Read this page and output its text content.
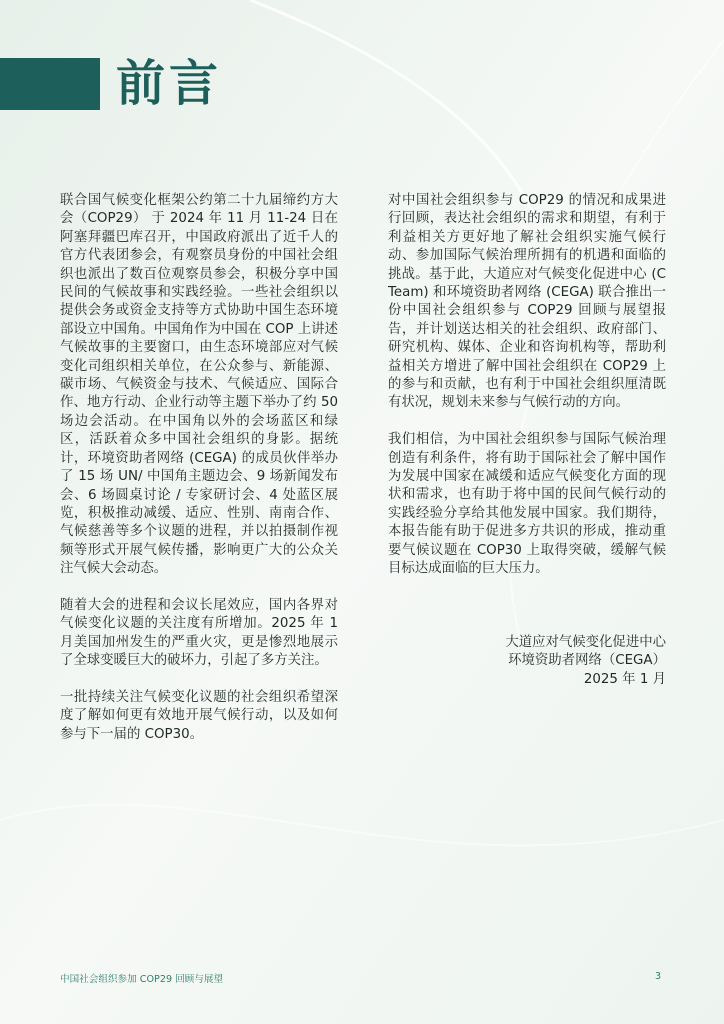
前言

联合国气候变化框架公约第二十九届缔约方大会（COP29） 于 2024 年 11 月 11-24 日在阿塞拜疆巴库召开，中国政府派出了近千人的官方代表团参会，有观察员身份的中国社会组织也派出了数百位观察员参会，积极分享中国民间的气候故事和实践经验。一些社会组织以提供会务或资金支持等方式协助中国生态环境部设立中国角。中国角作为中国在 COP 上讲述气候故事的主要窗口，由生态环境部应对气候变化司组织相关单位，在公众参与、新能源、碳市场、气候资金与技术、气候适应、国际合作、地方行动、企业行动等主题下举办了约 50 场边会活动。在中国角以外的会场蓝区和绿区，活跃着众多中国社会组织的身影。据统计，环境资助者网络 (CEGA) 的成员伙伴举办了 15 场 UN/ 中国角主题边会、9 场新闻发布会、6 场圆桌讨论 / 专家研讨会、4 处蓝区展览，积极推动减缓、适应、性别、南南合作、气候慈善等多个议题的进程，并以拍摄制作视频等形式开展气候传播，影响更广大的公众关注气候大会动态。

随着大会的进程和会议长尾效应，国内各界对气候变化议题的关注度有所增加。2025 年 1 月美国加州发生的严重火灾，更是惨烈地展示了全球变暖巨大的破坏力，引起了多方关注。

一批持续关注气候变化议题的社会组织希望深度了解如何更有效地开展气候行动，以及如何参与下一届的 COP30。

对中国社会组织参与 COP29 的情况和成果进行回顾，表达社会组织的需求和期望，有利于利益相关方更好地了解社会组织实施气候行动、参加国际气候治理所拥有的机遇和面临的挑战。基于此，大道应对气候变化促进中心 (C Team) 和环境资助者网络 (CEGA) 联合推出一份中国社会组织参与 COP29 回顾与展望报告，并计划送达相关的社会组织、政府部门、研究机构、媒体、企业和咨询机构等，帮助利益相关方增进了解中国社会组织在 COP29 上的参与和贡献，也有利于中国社会组织厘清既有状况，规划未来参与气候行动的方向。

我们相信，为中国社会组织参与国际气候治理创造有利条件，将有助于国际社会了解中国作为发展中国家在减缓和适应气候变化方面的现状和需求，也有助于将中国的民间气候行动的实践经验分享给其他发展中国家。我们期待，本报告能有助于促进多方共识的形成，推动重要气候议题在 COP30 上取得突破，缓解气候目标达成面临的巨大压力。

大道应对气候变化促进中心
环境资助者网络（CEGA）
2025 年 1 月
中国社会组织参加 COP29 回顾与展望	3
